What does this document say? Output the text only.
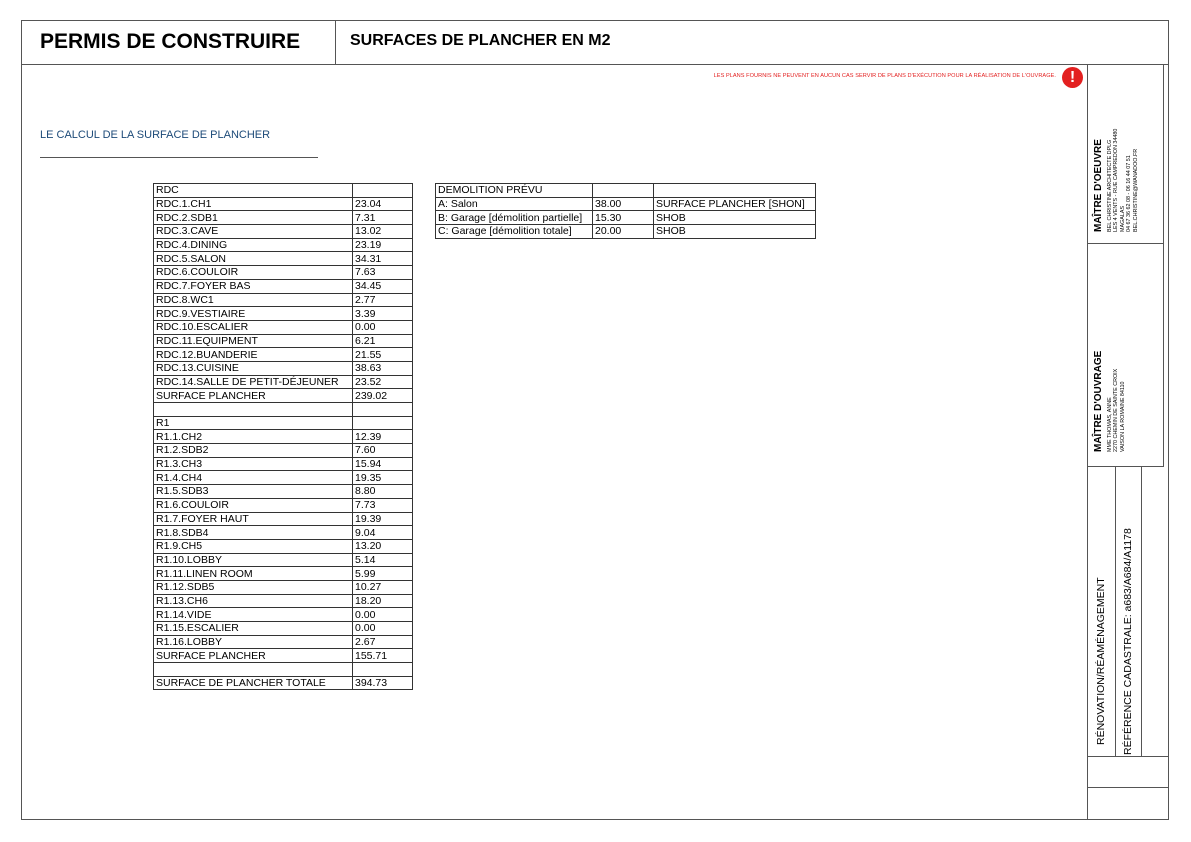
PERMIS DE CONSTRUIRE	SURFACES DE PLANCHER EN M2
LES PLANS FOURNIS NE PEUVENT EN AUCUN CAS SERVIR DE PLANS D'EXÉCUTION POUR LA RÉALISATION DE L'OUVRAGE. !
LE CALCUL DE LA SURFACE DE PLANCHER
RDC	
RDC.1.CH1	23.04
RDC.2.SDB1	7.31
RDC.3.CAVE	13.02
RDC.4.DINING	23.19
RDC.5.SALON	34.31
RDC.6.COULOIR	7.63
RDC.7.FOYER BAS	34.45
RDC.8.WC1	2.77
RDC.9.VESTIAIRE	3.39
RDC.10.ESCALIER	0.00
RDC.11.EQUIPMENT	6.21
RDC.12.BUANDERIE	21.55
RDC.13.CUISINE	38.63
RDC.14.SALLE DE PETIT-DÉJEUNER	23.52
SURFACE PLANCHER	239.02

R1	
R1.1.CH2	12.39
R1.2.SDB2	7.60
R1.3.CH3	15.94
R1.4.CH4	19.35
R1.5.SDB3	8.80
R1.6.COULOIR	7.73
R1.7.FOYER HAUT	19.39
R1.8.SDB4	9.04
R1.9.CH5	13.20
R1.10.LOBBY	5.14
R1.11.LINEN ROOM	5.99
R1.12.SDB5	10.27
R1.13.CH6	18.20
R1.14.VIDE	0.00
R1.15.ESCALIER	0.00
R1.16.LOBBY	2.67
SURFACE PLANCHER	155.71

SURFACE DE PLANCHER TOTALE	394.73
DEMOLITION PRÉVU		
A: Salon	38.00	SURFACE PLANCHER [SHON]
B: Garage [démolition partielle]	15.30	SHOB
C: Garage [démolition totale]	20.00	SHOB	MAÎTRE D'OEUVRE BEL CHRISTINE ARCHITECTE DPLG LES 4 VENTS - RUE CAMPREDON 34480 MAGALAS 04 67 36 62 08 - 06 16 44 07 51 BEL.CHRISTINE@WANADOO.FR
MAÎTRE D'OUVRAGE MME THOMAS, ANNE 2270 CHEMIN DE SAINTE CROIX VAISON LA ROMAINE 84110
RÉNOVATION/RÉAMÉNAGEMENT RÉFÉRENCE CADASTRALE: a683/A684/A1178
